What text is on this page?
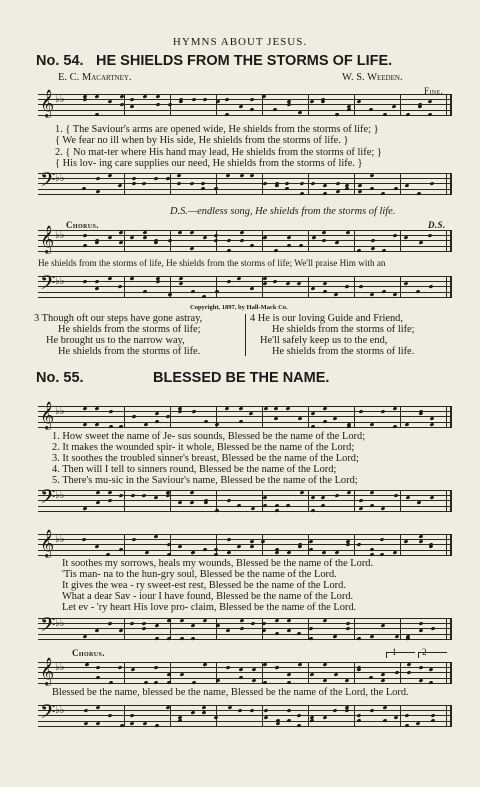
HYMNS ABOUT JESUS.
No. 54. HE SHIELDS FROM THE STORMS OF LIFE.
E. C. Macartney.	W. S. Weeden.
Fine.
𝄞 ♭♭
1. { The Saviour's arms are opened wide, He shields from the storms of life; }
{ We fear no ill when by His side, He shields from the storms of life. }
2. { No mat-ter where His hand may lead, He shields from the storms of life; }
{ His lov- ing care supplies our need, He shields from the storms of life. }
𝄢 ♭♭
D.S.—endless song, He shields from the storms of life.
Chorus.	D.S.
𝄞 ♭♭
He shields from the storms of life, He shields from the storms of life; We'll praise Him with an
𝄢 ♭♭
Copyright, 1897, by Hall-Mack Co.
3 Though oft our steps have gone astray,
He shields from the storms of life;
He brought us to the narrow way,
He shields from the storms of life.
4 He is our loving Guide and Friend,
He shields from the storms of life;
He'll safely keep us to the end,
He shields from the storms of life.
No. 55.	BLESSED BE THE NAME.
𝄞 ♭♭
1. How sweet the name of Je- sus sounds, Blessed be the name of the Lord;
2. It makes the wounded spir- it whole, Blessed be the name of the Lord;
3. It soothes the troubled sinner's breast, Blessed be the name of the Lord;
4. Then will I tell to sinners round, Blessed be the name of the Lord;
5. There's mu-sic in the Saviour's name, Blessed be the name of the Lord;
𝄢 ♭♭
𝄞 ♭♭
It soothes my sorrows, heals my wounds, Blessed be the name of the Lord.
'Tis man- na to the hun-gry soul, Blessed be the name of the Lord.
It gives the wea - ry sweet-est rest, Blessed be the name of the Lord.
What a dear Sav - iour I have found, Blessed be the name of the Lord.
Let ev - 'ry heart His love pro- claim, Blessed be the name of the Lord.
𝄢 ♭♭
Chorus.	1	2
𝄞 ♭♭
Blessed be the name, blessed be the name, Blessed be the name of the Lord, the Lord.
𝄢 ♭♭
